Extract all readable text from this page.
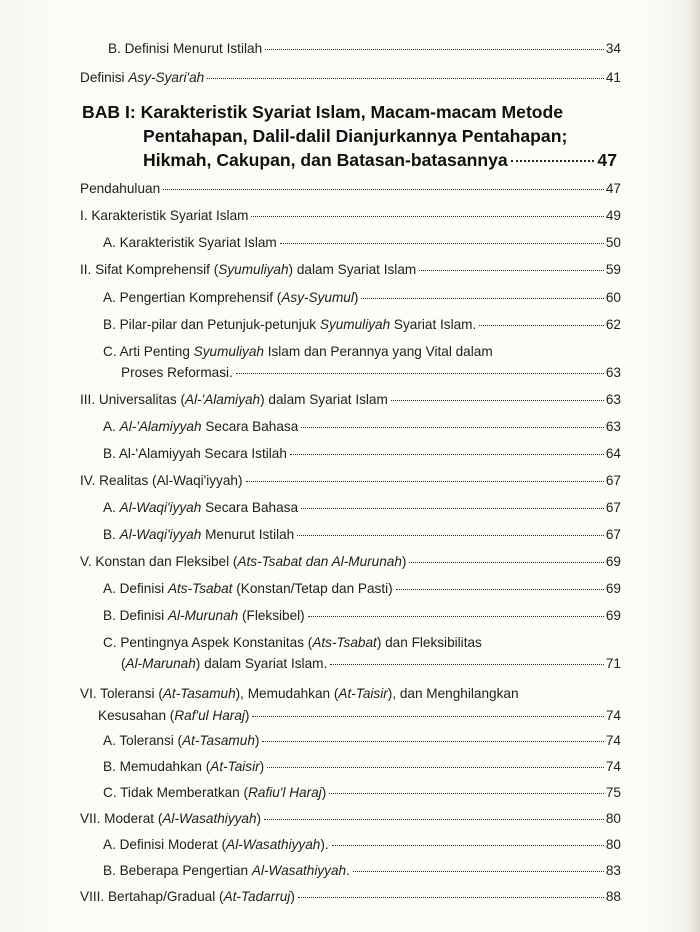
B. Definisi Menurut Istilah	34
Definisi Asy-Syari'ah	41
BAB I: Karakteristik Syariat Islam, Macam-macam Metode
Pentahapan, Dalil-dalil Dianjurkannya Pentahapan;
Hikmah, Cakupan, dan Batasan-batasannya	47
Pendahuluan	47
I. Karakteristik Syariat Islam	49
A. Karakteristik Syariat Islam	50
II. Sifat Komprehensif (Syumuliyah) dalam Syariat Islam	59
A. Pengertian Komprehensif (Asy-Syumul)	60
B. Pilar-pilar dan Petunjuk-petunjuk Syumuliyah Syariat Islam.	62
C. Arti Penting Syumuliyah Islam dan Perannya yang Vital dalam
Proses Reformasi.	63
III. Universalitas (Al-'Alamiyah) dalam Syariat Islam	63
A. Al-'Alamiyyah Secara Bahasa	63
B. Al-'Alamiyyah Secara Istilah	64
IV. Realitas (Al-Waqi'iyyah)	67
A. Al-Waqi'iyyah Secara Bahasa	67
B. Al-Waqi'iyyah Menurut Istilah	67
V. Konstan dan Fleksibel (Ats-Tsabat dan Al-Murunah)	69
A. Definisi Ats-Tsabat (Konstan/Tetap dan Pasti)	69
B. Definisi Al-Murunah (Fleksibel)	69
C. Pentingnya Aspek Konstanitas (Ats-Tsabat) dan Fleksibilitas
(Al-Marunah) dalam Syariat Islam.	71
VI. Toleransi (At-Tasamuh), Memudahkan (At-Taisir), dan Menghilangkan
Kesusahan (Raf'ul Haraj)	74
A. Toleransi (At-Tasamuh)	74
B. Memudahkan (At-Taisir)	74
C. Tidak Memberatkan (Rafiu'l Haraj)	75
VII. Moderat (Al-Wasathiyyah)	80
A. Definisi Moderat (Al-Wasathiyyah).	80
B. Beberapa Pengertian Al-Wasathiyyah.	83
VIII. Bertahap/Gradual (At-Tadarruj)	88
